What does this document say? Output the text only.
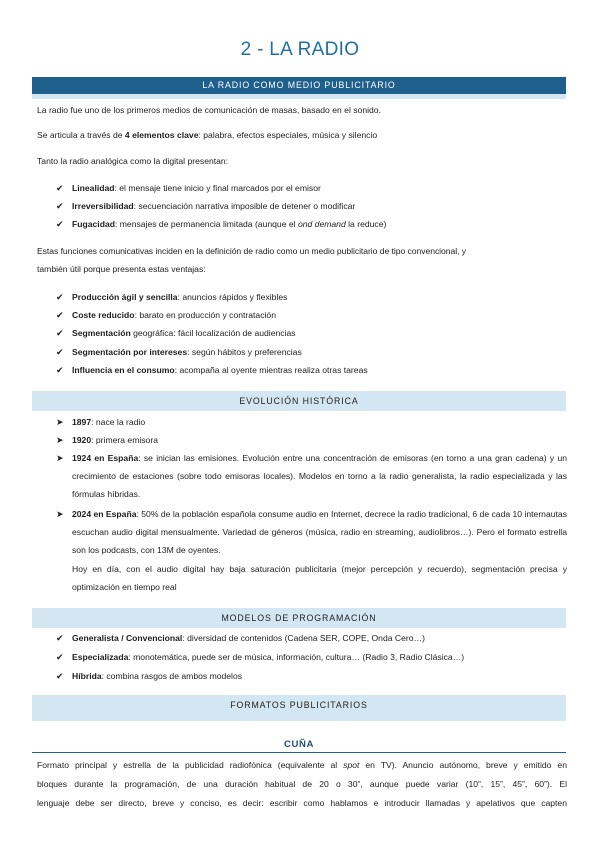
2 - LA RADIO
LA RADIO COMO MEDIO PUBLICITARIO
La radio fue uno de los primeros medios de comunicación de masas, basado en el sonido.
Se articula a través de 4 elementos clave: palabra, efectos especiales, música y silencio
Tanto la radio analógica como la digital presentan:
✔ Linealidad: el mensaje tiene inicio y final marcados por el emisor
✔ Irreversibilidad: secuenciación narrativa imposible de detener o modificar
✔ Fugacidad: mensajes de permanencia limitada (aunque el ond demand la reduce)
Estas funciones comunicativas inciden en la definición de radio como un medio publicitario de tipo convencional, y
también útil porque presenta estas ventajas:
✔ Producción ágil y sencilla: anuncios rápidos y flexibles
✔ Coste reducido: barato en producción y contratación
✔ Segmentación geográfica: fácil localización de audiencias
✔ Segmentación por intereses: según hábitos y preferencias
✔ Influencia en el consumo: acompaña al oyente mientras realiza otras tareas
EVOLUCIÓN HISTÓRICA
➤ 1897: nace la radio
➤ 1920: primera emisora
➤ 1924 en España: se inician las emisiones. Evolución entre una concentración de emisoras (en torno a una gran cadena) y un crecimiento de estaciones (sobre todo emisoras locales). Modelos en torno a la radio generalista, la radio especializada y las fórmulas híbridas.
➤ 2024 en España: 50% de la población española consume audio en Internet, decrece la radio tradicional, 6 de cada 10 internautas escuchan audio digital mensualmente. Variedad de géneros (música, radio en streaming, audiolibros…). Pero el formato estrella son los podcasts, con 13M de oyentes.
Hoy en día, con el audio digital hay baja saturación publicitaria (mejor percepción y recuerdo), segmentación precisa y optimización en tiempo real
MODELOS DE PROGRAMACIÓN
✔ Generalista / Convencional: diversidad de contenidos (Cadena SER, COPE, Onda Cero…)
✔ Especializada: monotemática, puede ser de música, información, cultura… (Radio 3, Radio Clásica…)
✔ Híbrida: combina rasgos de ambos modelos
FORMATOS PUBLICITARIOS
CUÑA
Formato principal y estrella de la publicidad radiofónica (equivalente al spot en TV). Anuncio autónomo, breve y emitido en
bloques durante la programación, de una duración habitual de 20 o 30”, aunque puede variar (10”, 15”, 45”, 60”). El
lenguaje debe ser directo, breve y conciso, es decir: escribir como hablamos e introducir llamadas y apelativos que capten
